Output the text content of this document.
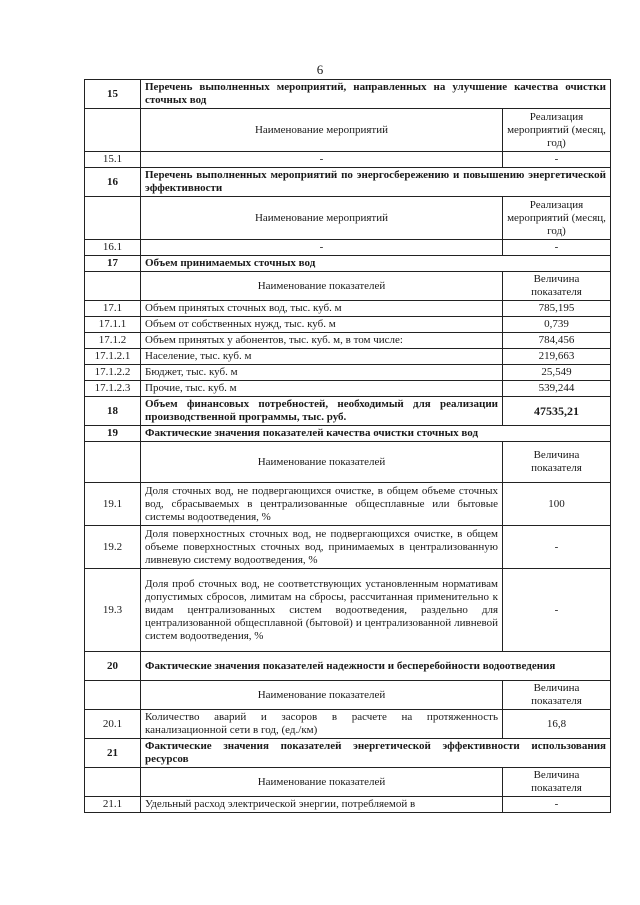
6
15	Перечень выполненных мероприятий, направленных на улучшение качества очистки сточных вод	
	Наименование мероприятий	Реализация мероприятий (месяц, год)
15.1	-	-
16	Перечень выполненных мероприятий по энергосбережению и повышению энергетической эффективности	
	Наименование мероприятий	Реализация мероприятий (месяц, год)
16.1	-	-
17	Объем принимаемых сточных вод	
	Наименование показателей	Величина показателя
17.1	Объем принятых сточных вод, тыс. куб. м	785,195
17.1.1	Объем от собственных нужд, тыс. куб. м	0,739
17.1.2	Объем принятых у абонентов, тыс. куб. м, в том числе:	784,456
17.1.2.1	Население, тыс. куб. м	219,663
17.1.2.2	Бюджет, тыс. куб. м	25,549
17.1.2.3	Прочие, тыс. куб. м	539,244
18	Объем финансовых потребностей, необходимый для реализации производственной программы, тыс. руб.	47535,21
19	Фактические значения показателей качества очистки сточных вод	
	Наименование показателей	Величина показателя
19.1	Доля сточных вод, не подвергающихся очистке, в общем объеме сточных вод, сбрасываемых в централизованные общесплавные или бытовые системы водоотведения, %	100
19.2	Доля поверхностных сточных вод, не подвергающихся очистке, в общем объеме поверхностных сточных вод, принимаемых в централизованную ливневую систему водоотведения, %	-
19.3	Доля проб сточных вод, не соответствующих установленным нормативам допустимых сбросов, лимитам на сбросы, рассчитанная применительно к видам централизованных систем водоотведения, раздельно для централизованной общесплавной (бытовой) и централизованной ливневой систем водоотведения, %	-
20	Фактические значения показателей надежности и бесперебойности водоотведения	
	Наименование показателей	Величина показателя
20.1	Количество аварий и засоров в расчете на протяженность канализационной сети в год, (ед./км)	16,8
21	Фактические значения показателей энергетической эффективности использования ресурсов	
	Наименование показателей	Величина показателя
21.1	Удельный расход электрической энергии, потребляемой в	-
